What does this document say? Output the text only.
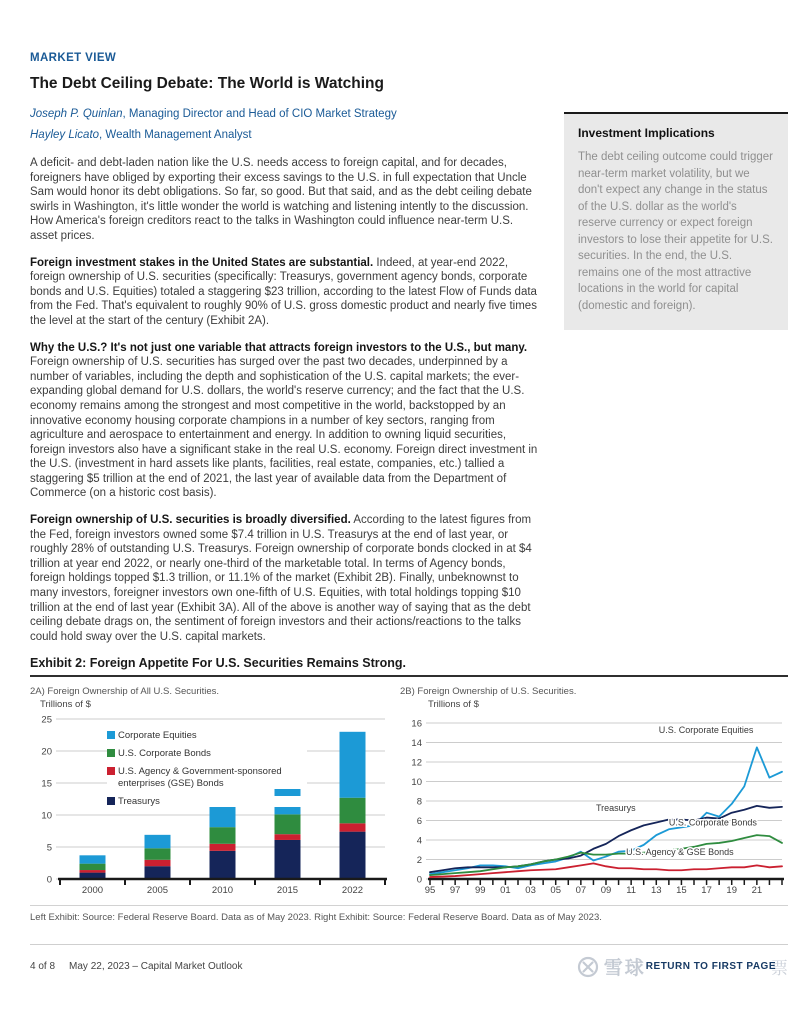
MARKET VIEW
The Debt Ceiling Debate: The World is Watching
Joseph P. Quinlan, Managing Director and Head of CIO Market Strategy
Hayley Licato, Wealth Management Analyst

A deficit- and debt-laden nation like the U.S. needs access to foreign capital, and for decades, foreigners have obliged by exporting their excess savings to the U.S. in full expectation that Uncle Sam would honor its debt obligations. So far, so good. But that said, and as the debt ceiling debate swirls in Washington, it's little wonder the world is watching and listening intently to the discussion. How America's foreign creditors react to the talks in Washington could influence near-term U.S. asset prices.

Foreign investment stakes in the United States are substantial. Indeed, at year-end 2022, foreign ownership of U.S. securities (specifically: Treasurys, government agency bonds, corporate bonds and U.S. Equities) totaled a staggering $23 trillion, according to the latest Flow of Funds data from the Fed. That's equivalent to roughly 90% of U.S. gross domestic product and nearly five times the level at the start of the century (Exhibit 2A).

Why the U.S.? It's not just one variable that attracts foreign investors to the U.S., but many. Foreign ownership of U.S. securities has surged over the past two decades, underpinned by a number of variables, including the depth and sophistication of the U.S. capital markets; the ever-expanding global demand for U.S. dollars, the world's reserve currency; and the fact that the U.S. economy remains among the strongest and most competitive in the world, backstopped by an innovative economy housing corporate champions in a number of key sectors, ranging from agriculture and aerospace to entertainment and energy. In addition to owning liquid securities, foreign investors also have a significant stake in the real U.S. economy. Foreign direct investment in the U.S. (investment in hard assets like plants, facilities, real estate, companies, etc.) tallied a staggering $5 trillion at the end of 2021, the last year of available data from the Department of Commerce (on a historic cost basis).

Foreign ownership of U.S. securities is broadly diversified. According to the latest figures from the Fed, foreign investors owned some $7.4 trillion in U.S. Treasurys at the end of last year, or roughly 28% of outstanding U.S. Treasurys. Foreign ownership of corporate bonds clocked in at $4 trillion at year end 2022, or nearly one-third of the marketable total. In terms of Agency bonds, foreign holdings topped $1.3 trillion, or 11.1% of the market (Exhibit 2B). Finally, unbeknownst to many investors, foreigner investors own one-fifth of U.S. Equities, with total holdings topping $10 trillion at the end of last year (Exhibit 3A). All of the above is another way of saying that as the debt ceiling debate drags on, the sentiment of foreign investors and their actions/reactions to the talks could hold sway over the U.S. capital markets.

Investment Implications

The debt ceiling outcome could trigger near-term market volatility, but we don't expect any change in the status of the U.S. dollar as the world's reserve currency or expect foreign investors to lose their appetite for U.S. securities. In the end, the U.S. remains one of the most attractive locations in the world for capital (domestic and foreign).

Exhibit 2: Foreign Appetite For U.S. Securities Remains Strong.
2A) Foreign Ownership of All U.S. Securities.
Trillions of $
0
5
10
15
20
25
2000	2005	2010	2015	2022
Corporate Equities
U.S. Corporate Bonds
U.S. Agency & Government-sponsored enterprises (GSE) Bonds
Treasurys
2B) Foreign Ownership of U.S. Securities.
Trillions of $
0
2
4
6
8
10
12
14
16
95 97 99 01 03 05 07 09 11 13 15 17 19 21
U.S. Corporate Equities
Treasurys
U.S. Corporate Bonds
U.S. Agency & GSE Bonds
Left Exhibit: Source: Federal Reserve Board. Data as of May 2023. Right Exhibit: Source: Federal Reserve Board. Data as of May 2023.
4 of 8 May 22, 2023 – Capital Market Outlook	雪球 RETURN TO FIRST PAGE
票
